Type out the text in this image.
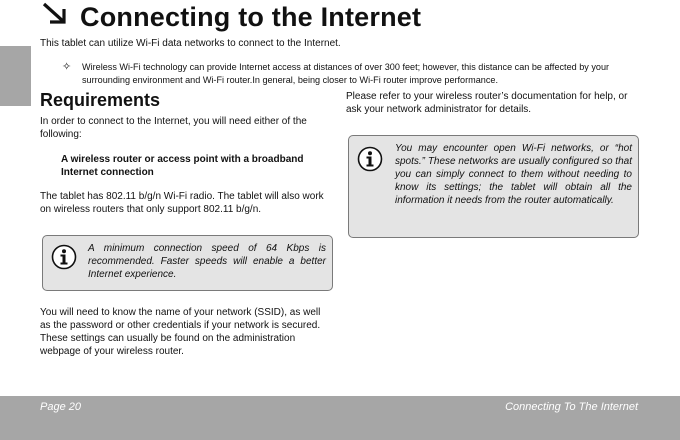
Connecting to the Internet
This tablet can utilize Wi-Fi data networks to connect to the Internet.
✧	Wireless Wi-Fi technology can provide Internet access at distances of over 300 feet; however, this distance can be affected by your surrounding environment and Wi-Fi router.In general, being closer to Wi-Fi router improve performance.
Requirements
In order to connect to the Internet, you will need either of the following:
A wireless router or access point with a broadband Internet connection
The tablet has 802.11 b/g/n Wi-Fi radio. The tablet will also work on wireless routers that only support 802.11 b/g/n.
A minimum connection speed of 64 Kbps is recommended. Faster speeds will enable a better Internet experience.
You will need to know the name of your network (SSID), as well as the password or other credentials if your network is secured. These settings can usually be found on the administration webpage of your wireless router.
Please refer to your wireless router’s documentation for help, or ask your network administrator for details.
You may encounter open Wi-Fi networks, or “hot spots.” These networks are usually configured so that you can simply connect to them without needing to know its settings; the tablet will obtain all the information it needs from the router automatically.
Page 20	Connecting To The Internet
